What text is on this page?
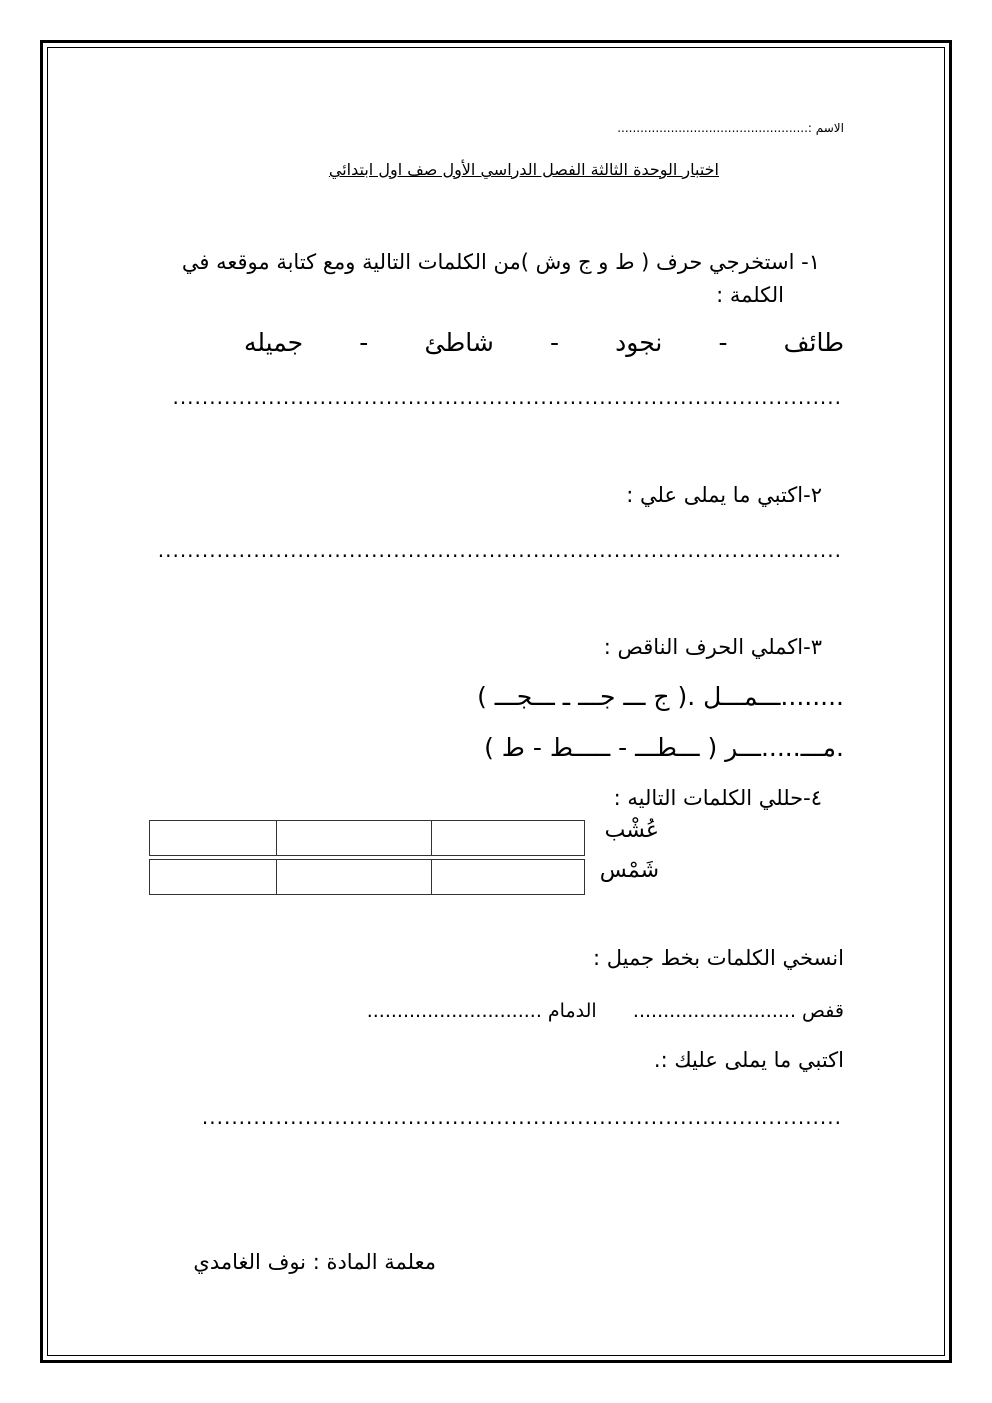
الاسم :..................................................
اختبار الوحدة الثالثة الفصل الدراسي الأول صف اول ابتدائي
١- استخرجي حرف ( ط و ج وش )من الكلمات التالية ومع كتابة موقعه في
الكلمة :
طائف
-
نجود
-
شاطئ
-
جميله
...........................................................................................
٢-اكتبي ما يملى علي :
.............................................................................................
٣-اكملي الحرف الناقص :
........ـــمـــل .( ج ـــ جـــ ـ ـــجـــ )
.مـــ.....ـــر ( ـــطـــ - ـــــط - ط )
٤-حللي الكلمات التاليه :
عُشْب
شَمْس

انسخي الكلمات بخط جميل :
قفص ...........................      الدمام .............................
اكتبي ما يملى عليك :.
.......................................................................................
معلمة المادة : نوف الغامدي
